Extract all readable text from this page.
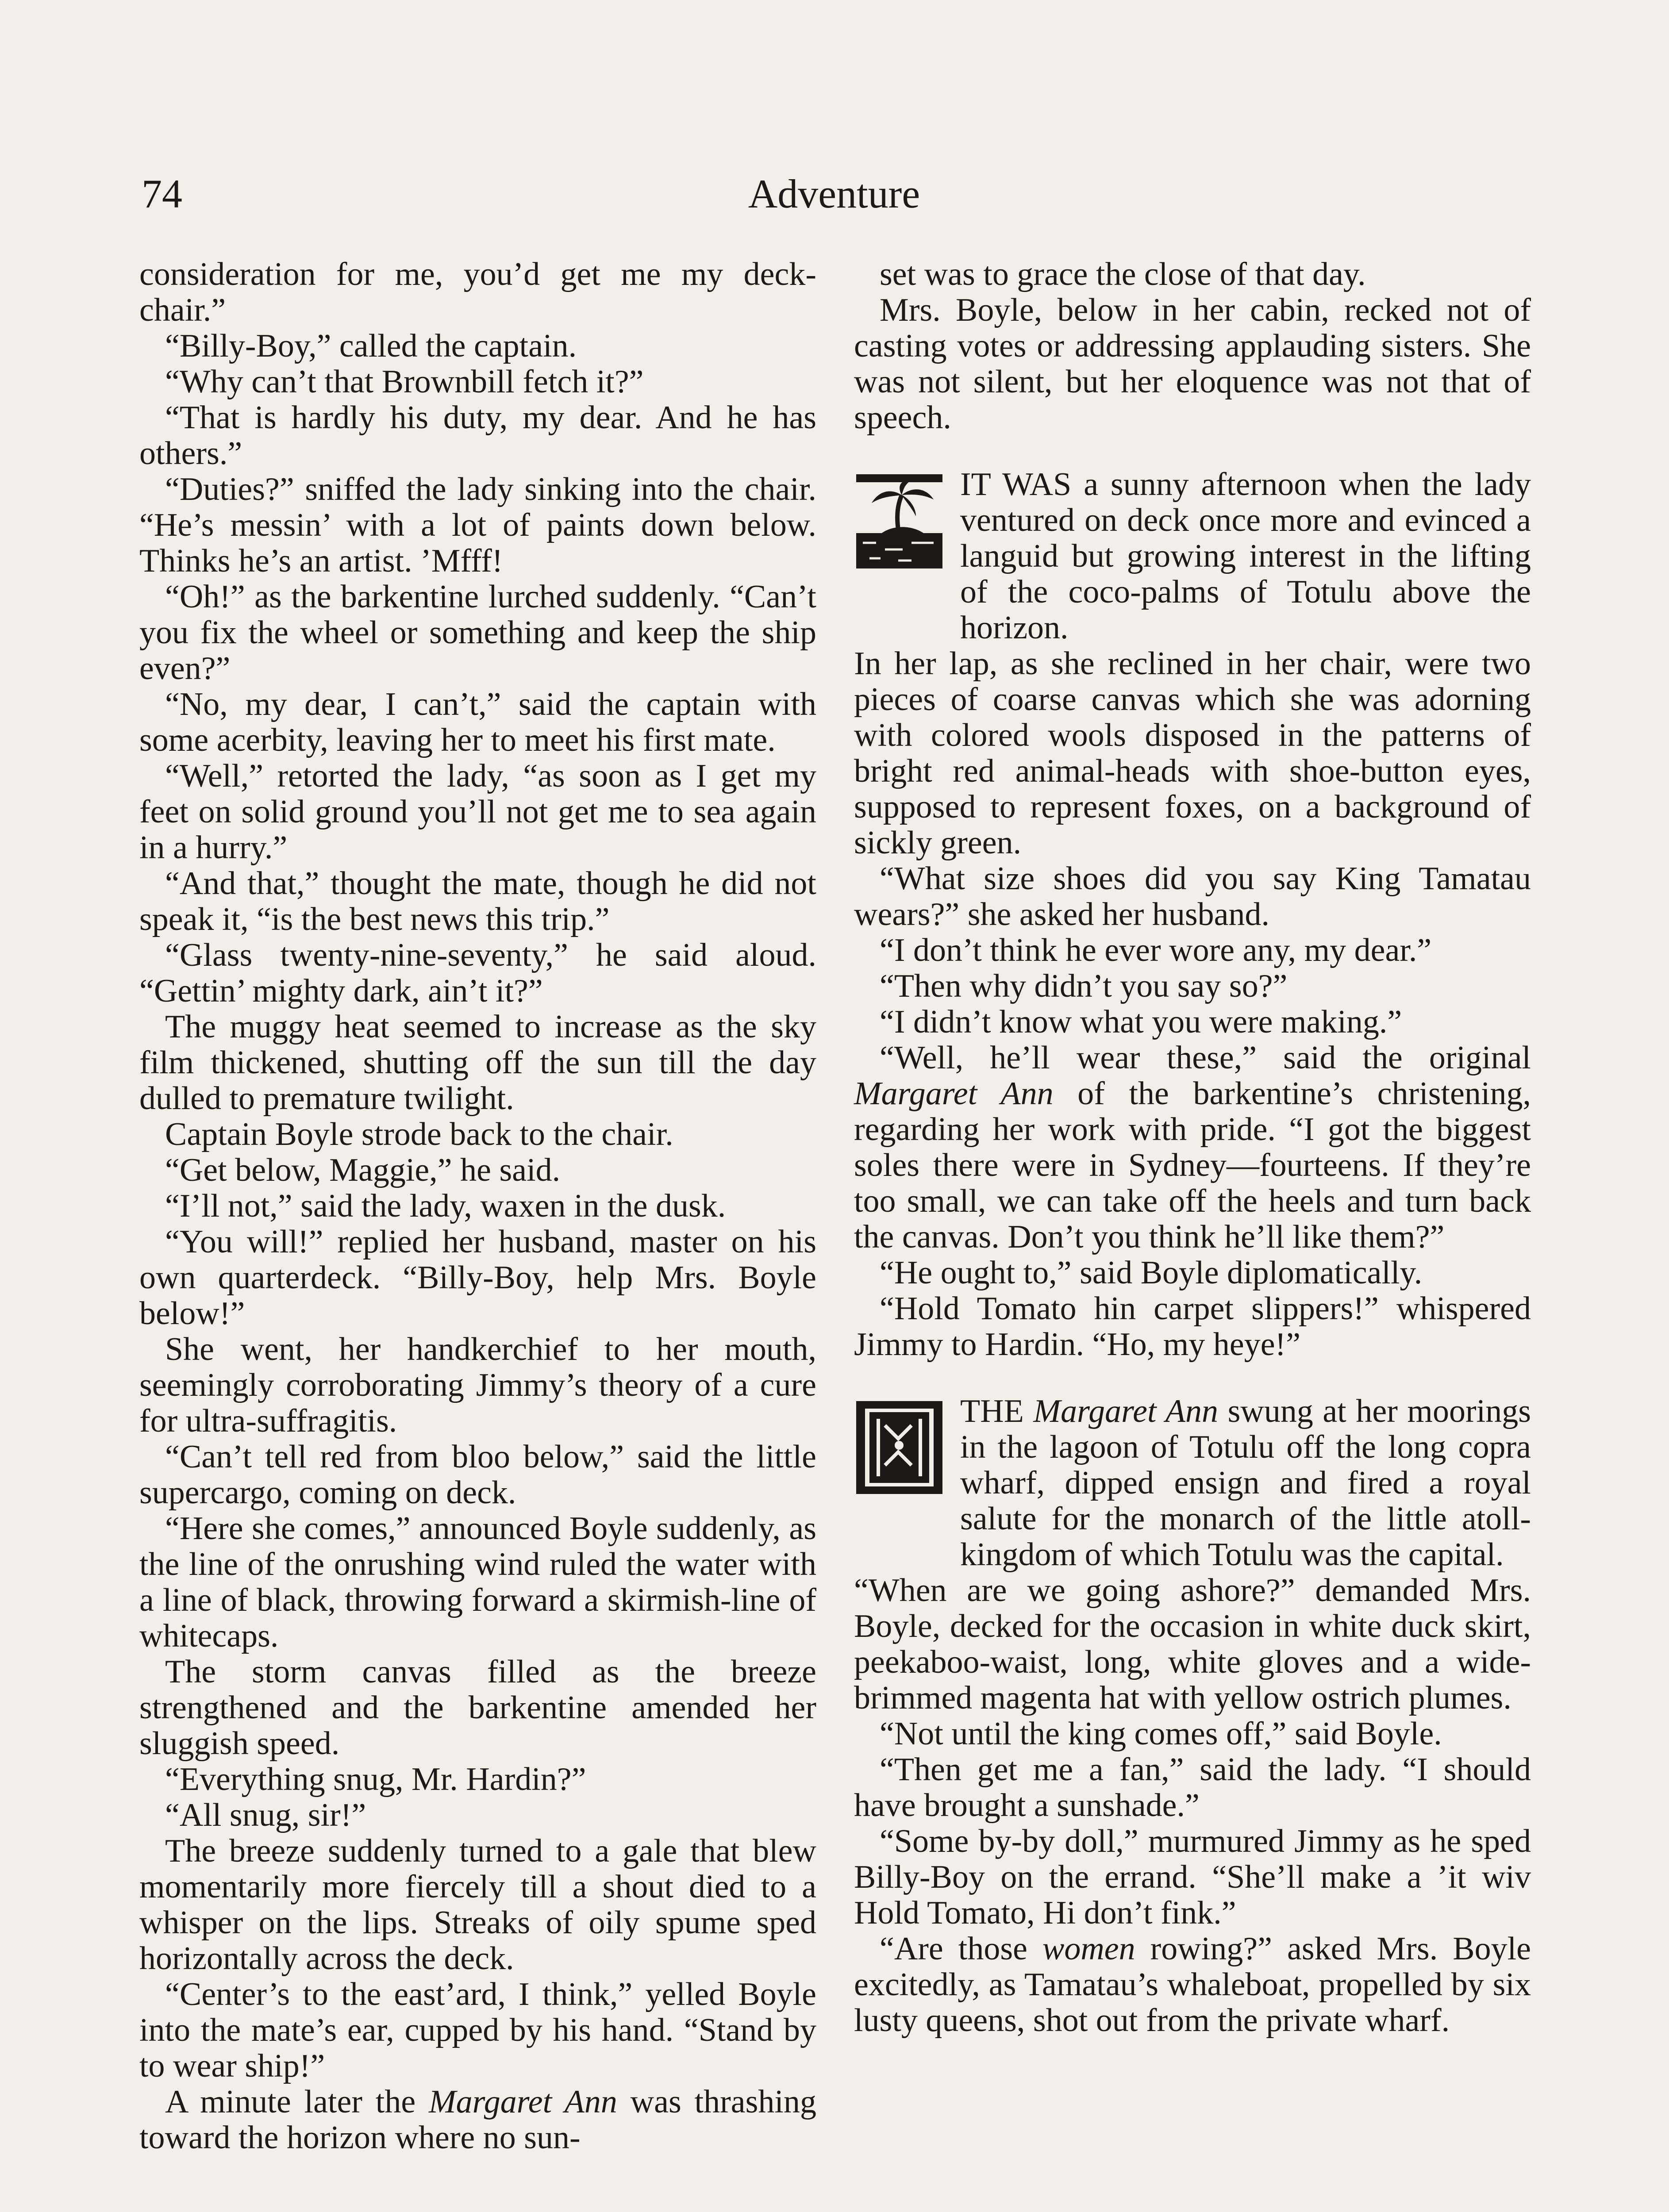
74	Adventure

consideration for me, you’d get me my deck-chair.”

“Billy-Boy,” called the captain.

“Why can’t that Brownbill fetch it?”

“That is hardly his duty, my dear. And he has others.”

“Duties?” sniffed the lady sinking into the chair. “He’s messin’ with a lot of paints down below. Thinks he’s an artist. ’Mfff!

“Oh!” as the barkentine lurched suddenly. “Can’t you fix the wheel or something and keep the ship even?”

“No, my dear, I can’t,” said the captain with some acerbity, leaving her to meet his first mate.

“Well,” retorted the lady, “as soon as I get my feet on solid ground you’ll not get me to sea again in a hurry.”

“And that,” thought the mate, though he did not speak it, “is the best news this trip.”

“Glass twenty-nine-seventy,” he said aloud. “Gettin’ mighty dark, ain’t it?”

The muggy heat seemed to increase as the sky film thickened, shutting off the sun till the day dulled to premature twilight.

Captain Boyle strode back to the chair.

“Get below, Maggie,” he said.

“I’ll not,” said the lady, waxen in the dusk.

“You will!” replied her husband, master on his own quarterdeck. “Billy-Boy, help Mrs. Boyle below!”

She went, her handkerchief to her mouth, seemingly corroborating Jimmy’s theory of a cure for ultra-suffragitis.

“Can’t tell red from bloo below,” said the little supercargo, coming on deck.

“Here she comes,” announced Boyle suddenly, as the line of the onrushing wind ruled the water with a line of black, throwing forward a skirmish-line of whitecaps.

The storm canvas filled as the breeze strengthened and the barkentine amended her sluggish speed.

“Everything snug, Mr. Hardin?”

“All snug, sir!”

The breeze suddenly turned to a gale that blew momentarily more fiercely till a shout died to a whisper on the lips. Streaks of oily spume sped horizontally across the deck.

“Center’s to the east’ard, I think,” yelled Boyle into the mate’s ear, cupped by his hand. “Stand by to wear ship!”

A minute later the Margaret Ann was thrashing toward the horizon where no sun-

set was to grace the close of that day.

Mrs. Boyle, below in her cabin, recked not of casting votes or addressing applauding sisters. She was not silent, but her eloquence was not that of speech.

IT WAS a sunny afternoon when the lady ventured on deck once more and evinced a languid but growing interest in the lifting of the coco-palms of Totulu above the horizon.

In her lap, as she reclined in her chair, were two pieces of coarse canvas which she was adorning with colored wools disposed in the patterns of bright red animal-heads with shoe-button eyes, supposed to represent foxes, on a background of sickly green.

“What size shoes did you say King Tamatau wears?” she asked her husband.

“I don’t think he ever wore any, my dear.”

“Then why didn’t you say so?”

“I didn’t know what you were making.”

“Well, he’ll wear these,” said the original Margaret Ann of the barkentine’s christening, regarding her work with pride. “I got the biggest soles there were in Sydney—fourteens. If they’re too small, we can take off the heels and turn back the canvas. Don’t you think he’ll like them?”

“He ought to,” said Boyle diplomatically.

“Hold Tomato hin carpet slippers!” whispered Jimmy to Hardin. “Ho, my heye!”

THE Margaret Ann swung at her moorings in the lagoon of Totulu off the long copra wharf, dipped ensign and fired a royal salute for the monarch of the little atoll-kingdom of which Totulu was the capital.

“When are we going ashore?” demanded Mrs. Boyle, decked for the occasion in white duck skirt, peekaboo-waist, long, white gloves and a wide-brimmed magenta hat with yellow ostrich plumes.

“Not until the king comes off,” said Boyle.

“Then get me a fan,” said the lady. “I should have brought a sunshade.”

“Some by-by doll,” murmured Jimmy as he sped Billy-Boy on the errand. “She’ll make a ’it wiv Hold Tomato, Hi don’t fink.”

“Are those women rowing?” asked Mrs. Boyle excitedly, as Tamatau’s whaleboat, propelled by six lusty queens, shot out from the private wharf.
